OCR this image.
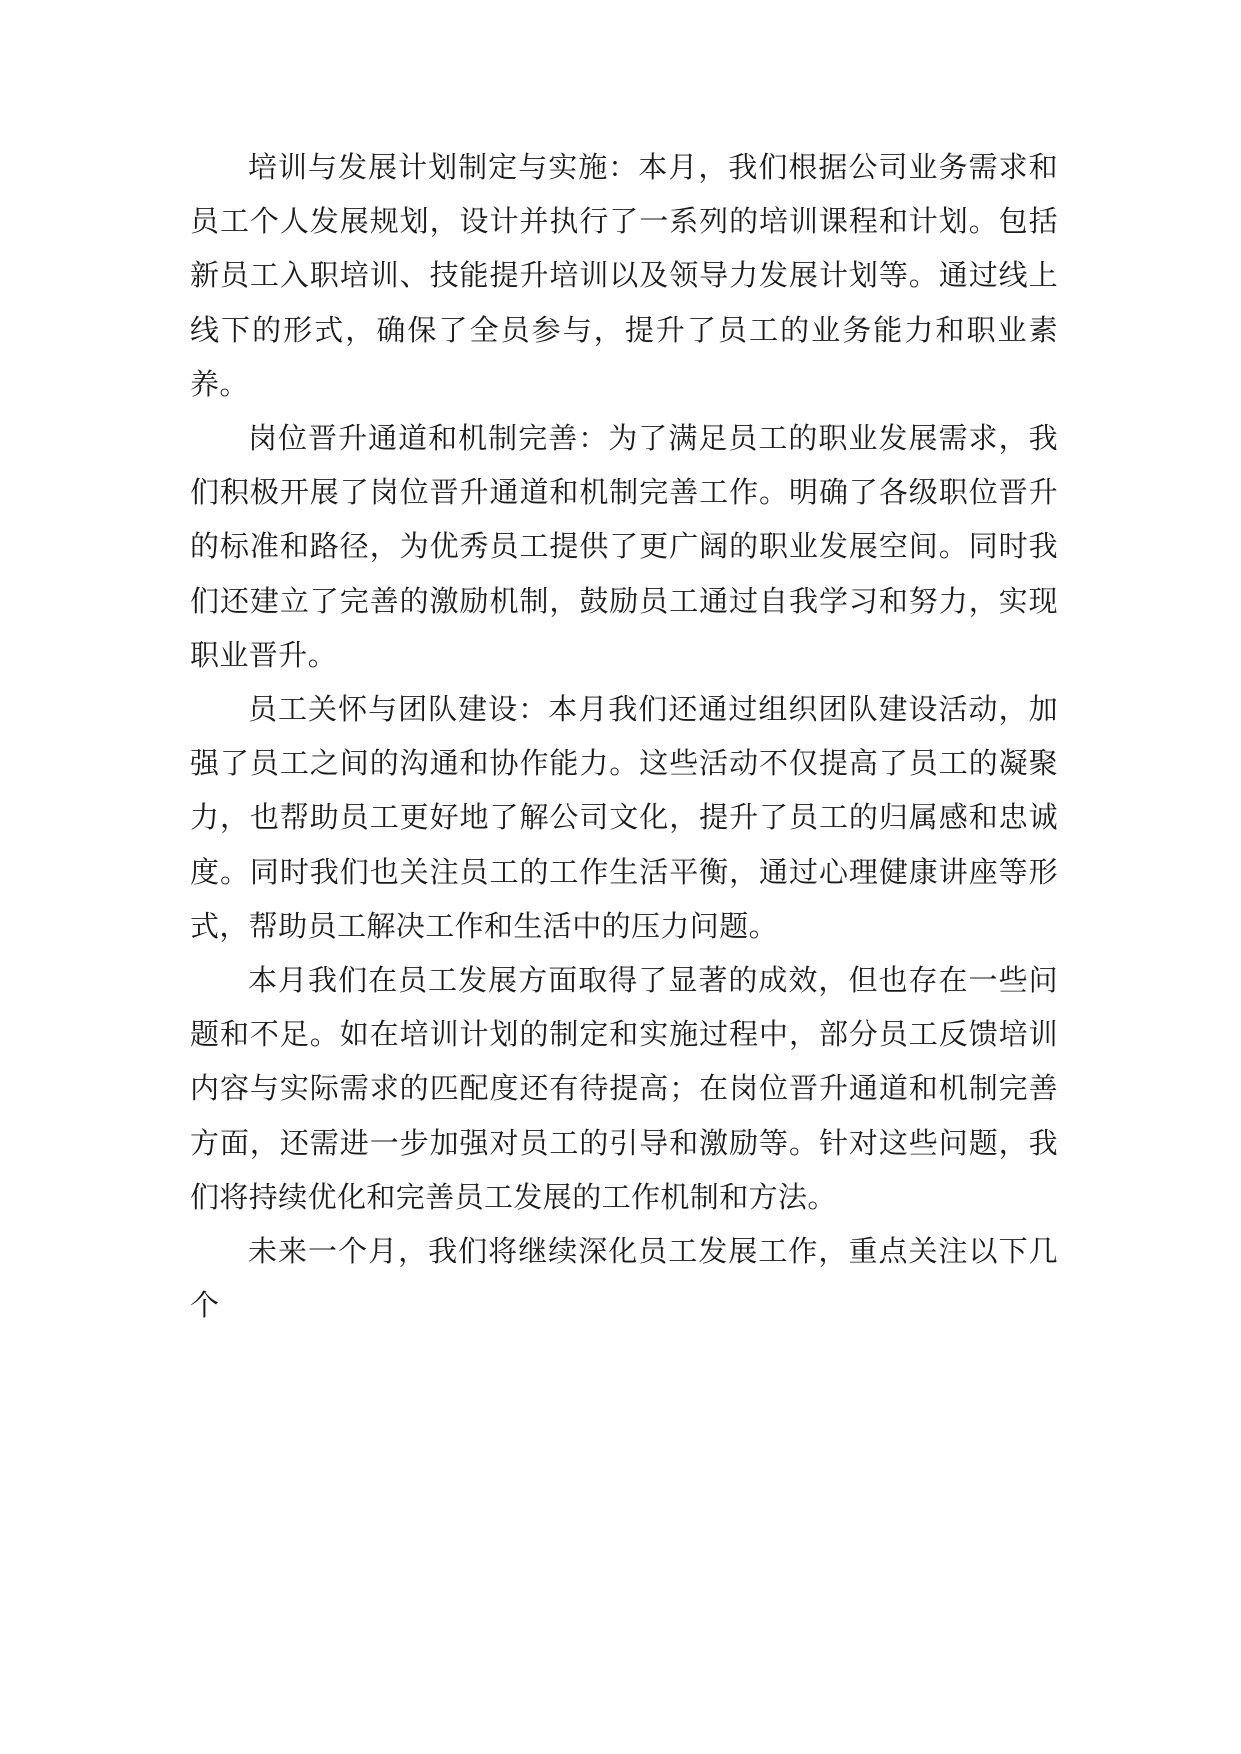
培训与发展计划制定与实施：本月，我们根据公司业务需求和员工个人发展规划，设计并执行了一系列的培训课程和计划。包括新员工入职培训、技能提升培训以及领导力发展计划等。通过线上线下的形式，确保了全员参与，提升了员工的业务能力和职业素养。

岗位晋升通道和机制完善：为了满足员工的职业发展需求，我们积极开展了岗位晋升通道和机制完善工作。明确了各级职位晋升的标准和路径，为优秀员工提供了更广阔的职业发展空间。同时我们还建立了完善的激励机制，鼓励员工通过自我学习和努力，实现职业晋升。

员工关怀与团队建设：本月我们还通过组织团队建设活动，加强了员工之间的沟通和协作能力。这些活动不仅提高了员工的凝聚力，也帮助员工更好地了解公司文化，提升了员工的归属感和忠诚度。同时我们也关注员工的工作生活平衡，通过心理健康讲座等形式，帮助员工解决工作和生活中的压力问题。

本月我们在员工发展方面取得了显著的成效，但也存在一些问题和不足。如在培训计划的制定和实施过程中，部分员工反馈培训内容与实际需求的匹配度还有待提高；在岗位晋升通道和机制完善方面，还需进一步加强对员工的引导和激励等。针对这些问题，我们将持续优化和完善员工发展的工作机制和方法。

未来一个月，我们将继续深化员工发展工作，重点关注以下几个
